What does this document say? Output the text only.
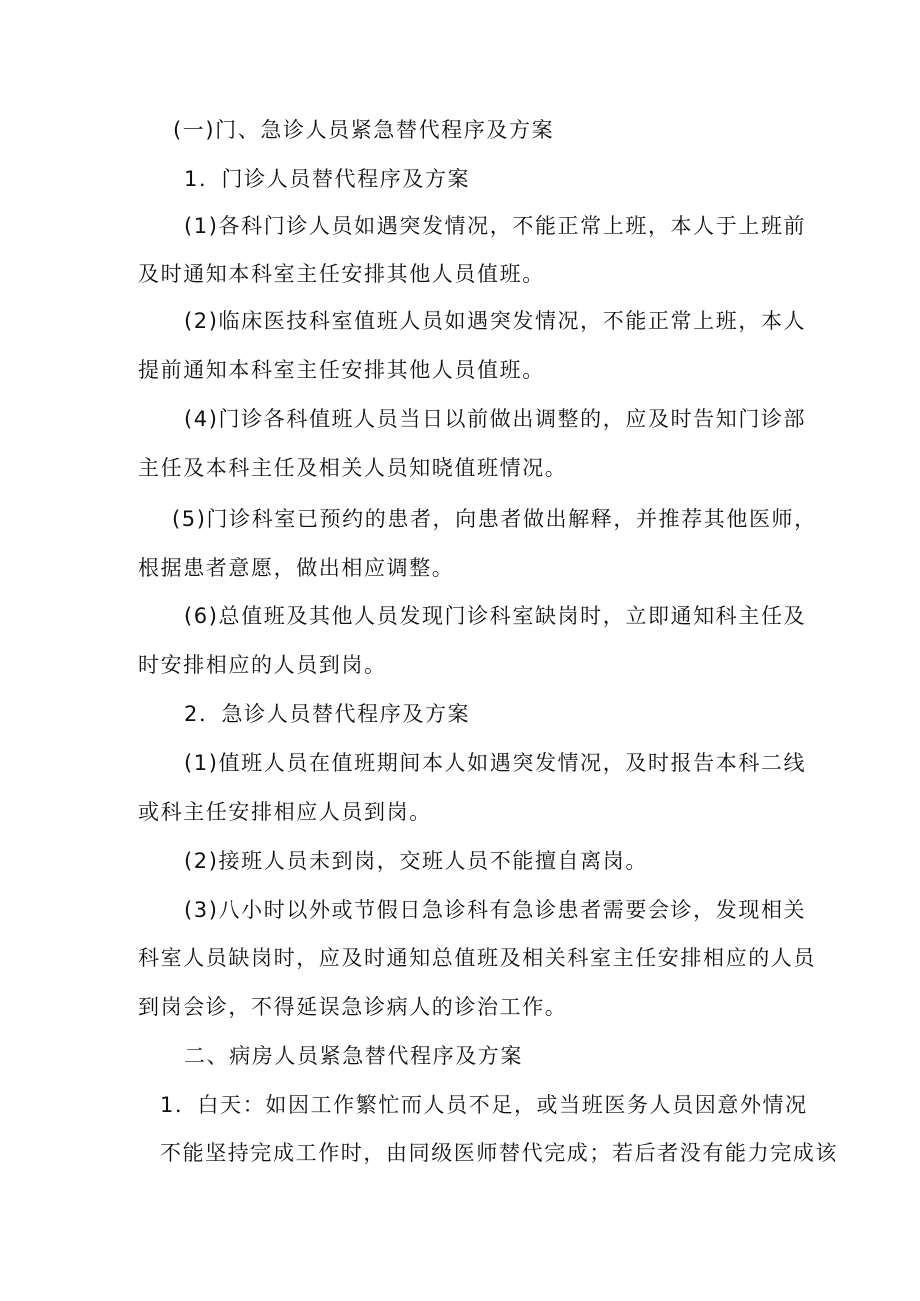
(一)门、急诊人员紧急替代程序及方案
1．门诊人员替代程序及方案
(1)各科门诊人员如遇突发情况，不能正常上班，本人于上班前
及时通知本科室主任安排其他人员值班。
(2)临床医技科室值班人员如遇突发情况，不能正常上班，本人
提前通知本科室主任安排其他人员值班。
(4)门诊各科值班人员当日以前做出调整的，应及时告知门诊部
主任及本科主任及相关人员知晓值班情况。
(5)门诊科室已预约的患者，向患者做出解释，并推荐其他医师，
根据患者意愿，做出相应调整。
(6)总值班及其他人员发现门诊科室缺岗时，立即通知科主任及
时安排相应的人员到岗。
2．急诊人员替代程序及方案
(1)值班人员在值班期间本人如遇突发情况，及时报告本科二线
或科主任安排相应人员到岗。
(2)接班人员未到岗，交班人员不能擅自离岗。
(3)八小时以外或节假日急诊科有急诊患者需要会诊，发现相关
科室人员缺岗时，应及时通知总值班及相关科室主任安排相应的人员
到岗会诊，不得延误急诊病人的诊治工作。
二、病房人员紧急替代程序及方案
1．白天：如因工作繁忙而人员不足，或当班医务人员因意外情况
不能坚持完成工作时，由同级医师替代完成；若后者没有能力完成该
